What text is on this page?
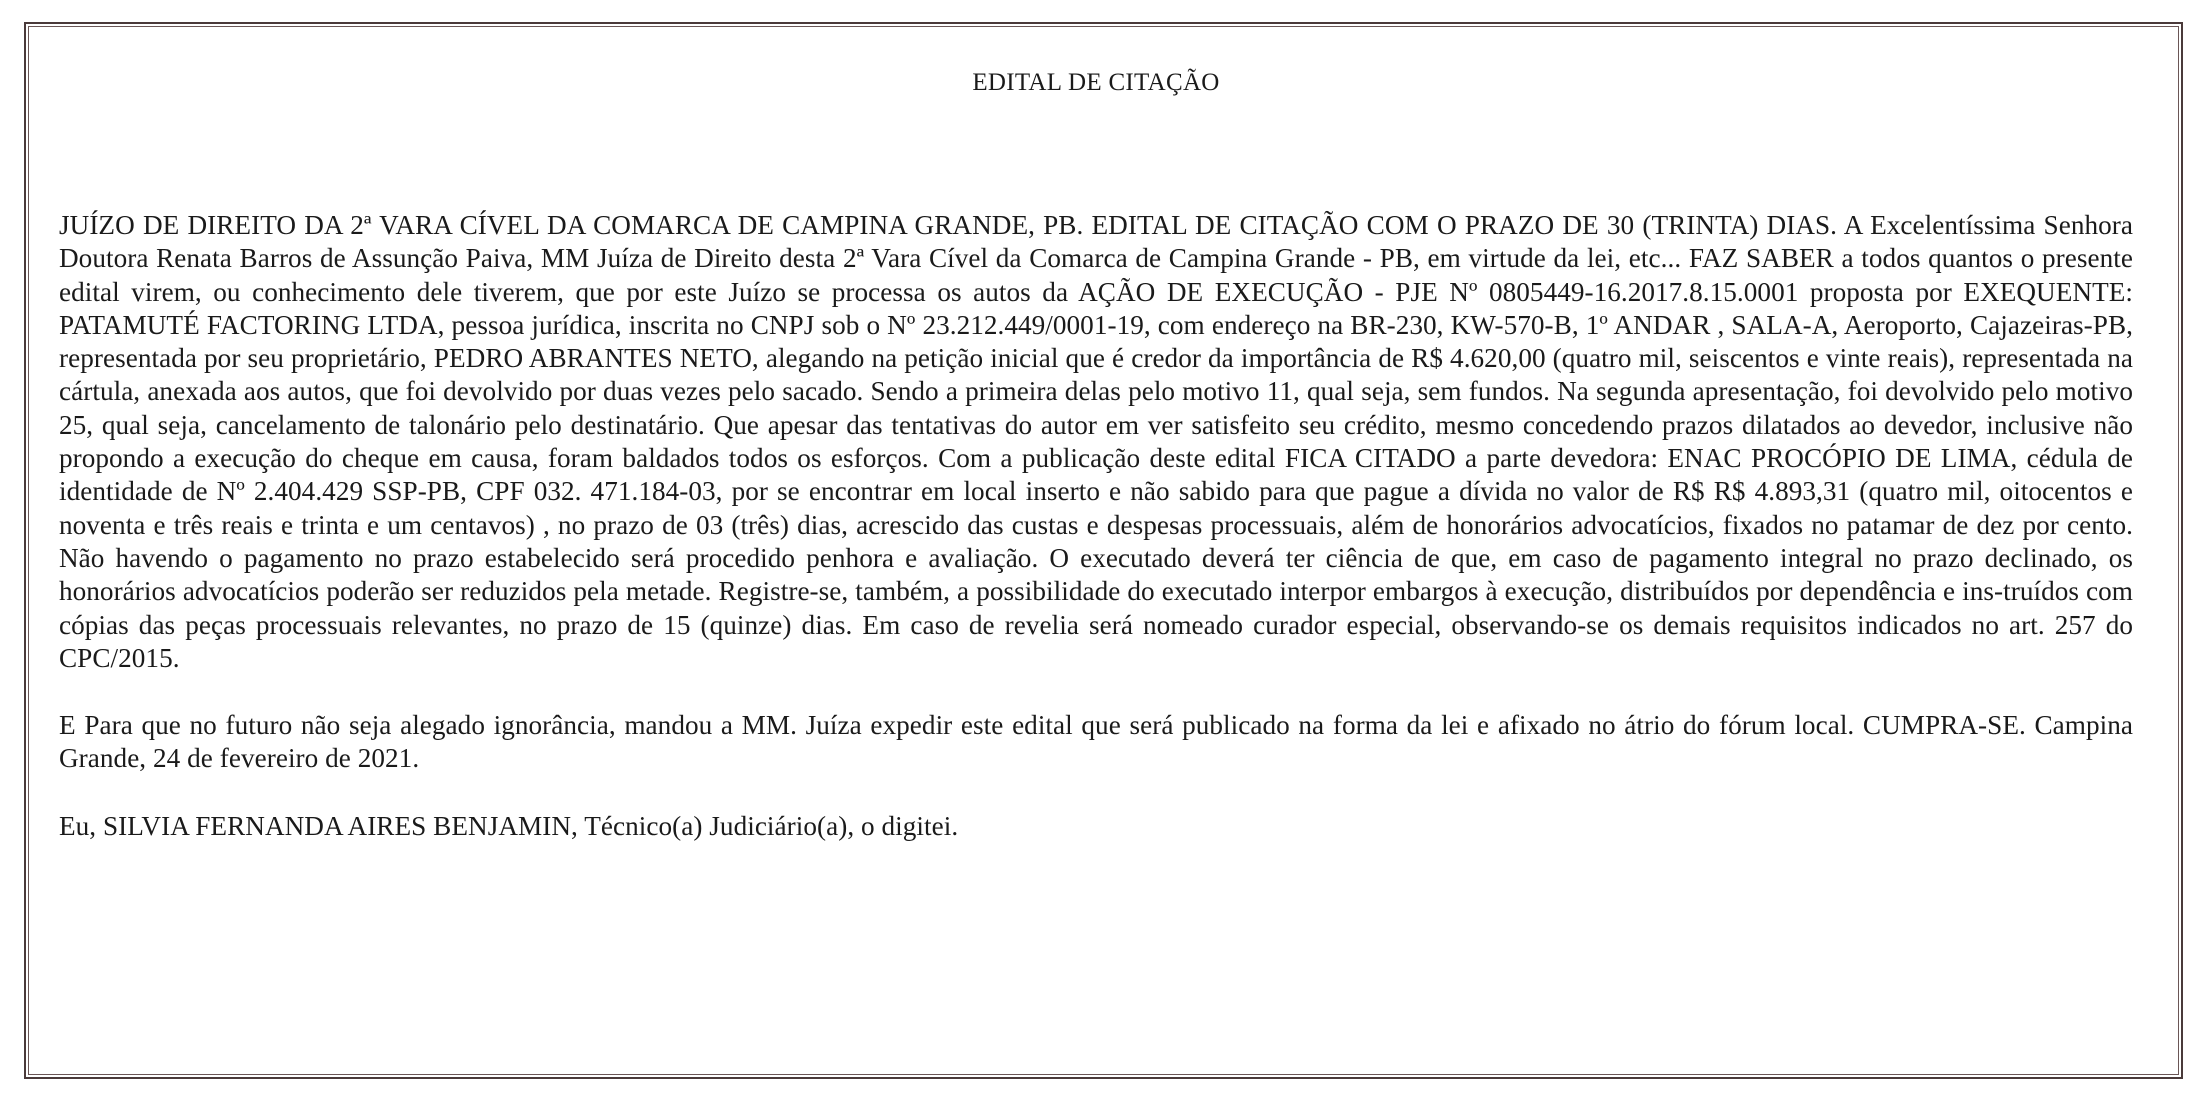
EDITAL DE CITAÇÃO

JUÍZO DE DIREITO DA 2ª VARA CÍVEL DA COMARCA DE CAMPINA GRANDE, PB. EDITAL DE CITAÇÃO COM O PRAZO DE 30 (TRINTA) DIAS. A Excelentíssima Senhora Doutora Renata Barros de Assunção Paiva, MM Juíza de Direito desta 2ª Vara Cível da Comarca de Campina Grande - PB, em virtude da lei, etc... FAZ SABER a todos quantos o presente edital virem, ou conhecimento dele tiverem, que por este Juízo se processa os autos da AÇÃO DE EXECUÇÃO - PJE Nº 0805449-16.2017.8.15.0001 proposta por EXEQUENTE: PATAMUTÉ FACTORING LTDA, pessoa jurídica, inscrita no CNPJ sob o Nº 23.212.449/0001-19, com endereço na BR-230, KW-570-B, 1º ANDAR , SALA-A, Aeroporto, Cajazeiras-PB, representada por seu proprietário, PEDRO ABRANTES NETO, alegando na petição inicial que é credor da importância de R$ 4.620,00 (quatro mil, seiscentos e vinte reais), representada na cártula, anexada aos autos, que foi devolvido por duas vezes pelo sacado. Sendo a primeira delas pelo motivo 11, qual seja, sem fundos. Na segunda apresentação, foi devolvido pelo motivo 25, qual seja, cancelamento de talonário pelo destinatário. Que apesar das tentativas do autor em ver satisfeito seu crédito, mesmo concedendo prazos dilatados ao devedor, inclusive não propondo a execução do cheque em causa, foram baldados todos os esforços. Com a publicação deste edital FICA CITADO a parte devedora: ENAC PROCÓPIO DE LIMA, cédula de identidade de Nº 2.404.429 SSP-PB, CPF 032. 471.184-03, por se encontrar em local inserto e não sabido para que pague a dívida no valor de R$ R$ 4.893,31 (quatro mil, oitocentos e noventa e três reais e trinta e um centavos) , no prazo de 03 (três) dias, acrescido das custas e despesas processuais, além de honorários advocatícios, fixados no patamar de dez por cento. Não havendo o pagamento no prazo estabelecido será procedido penhora e avaliação. O executado deverá ter ciência de que, em caso de pagamento integral no prazo declinado, os honorários advocatícios poderão ser reduzidos pela metade. Registre-se, também, a possibilidade do executado interpor embargos à execução, distribuídos por dependência e ins-truídos com cópias das peças processuais relevantes, no prazo de 15 (quinze) dias. Em caso de revelia será nomeado curador especial, observando-se os demais requisitos indicados no art. 257 do CPC/2015.

E Para que no futuro não seja alegado ignorância, mandou a MM. Juíza expedir este edital que será publicado na forma da lei e afixado no átrio do fórum local. CUMPRA-SE. Campina Grande, 24 de fevereiro de 2021.

Eu, SILVIA FERNANDA AIRES BENJAMIN, Técnico(a) Judiciário(a), o digitei.
